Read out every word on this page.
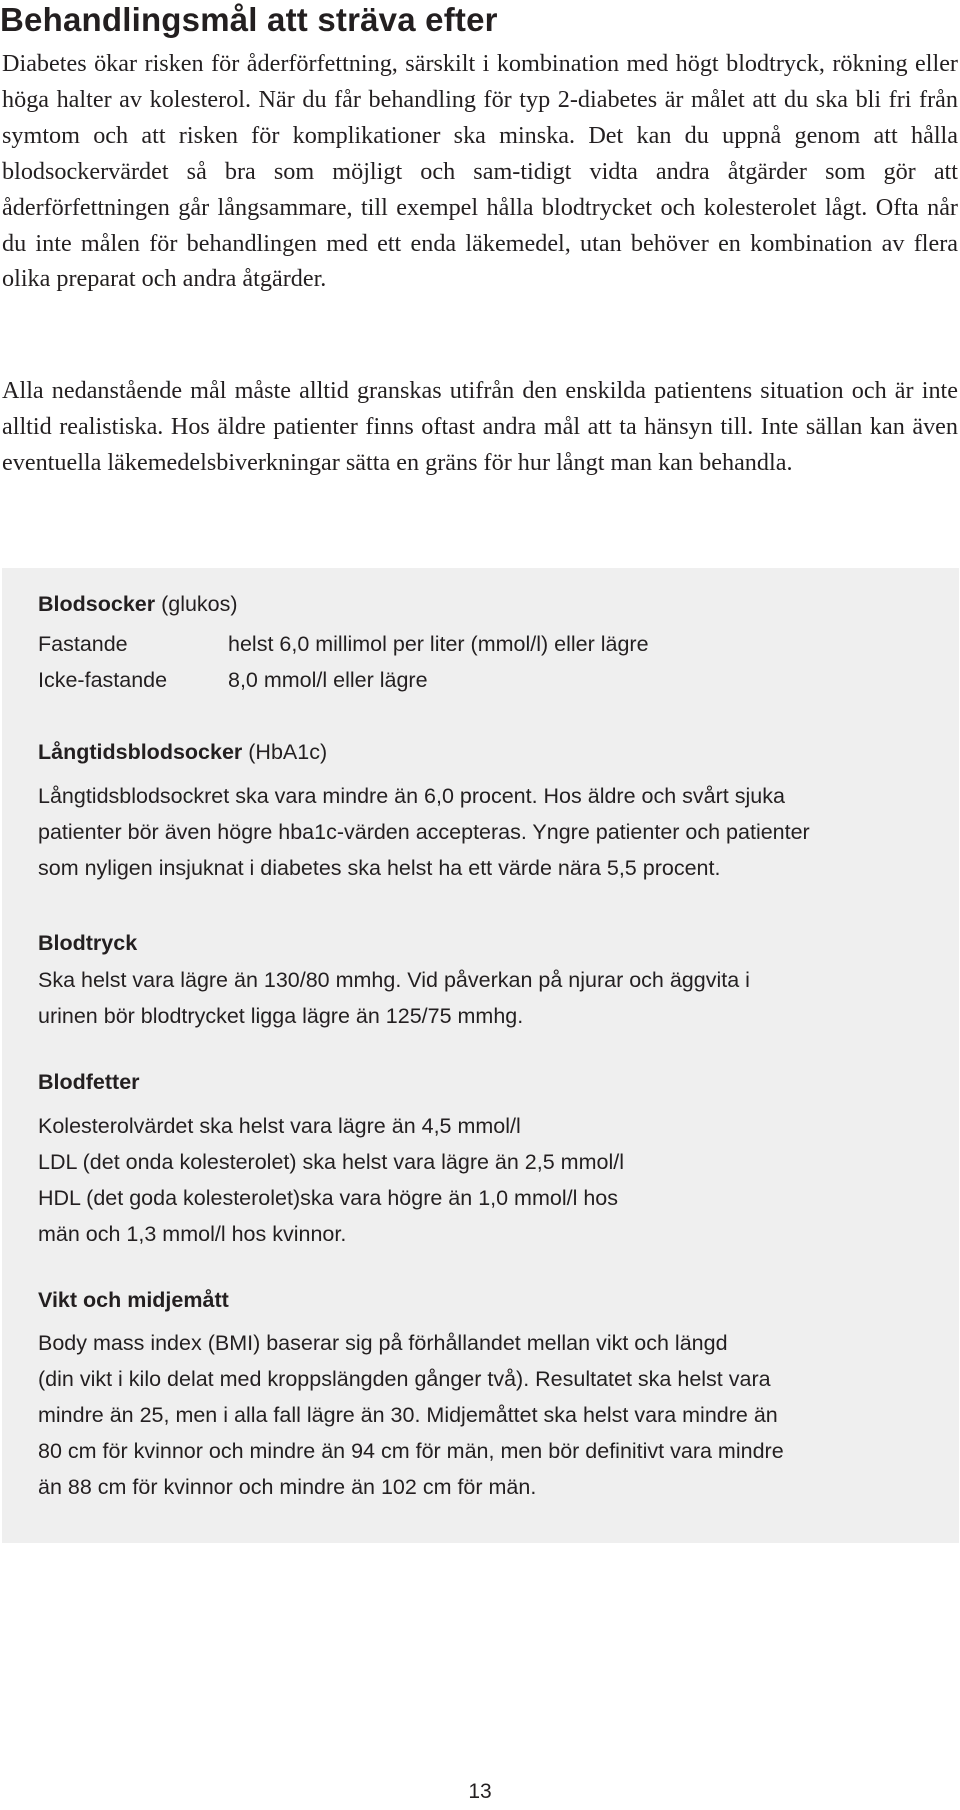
Behandlingsmål att sträva efter

Diabetes ökar risken för åderförfettning, särskilt i kombination med högt blodtryck, rökning eller höga halter av kolesterol. När du får behandling för typ 2-diabetes är målet att du ska bli fri från symtom och att risken för komplikationer ska minska. Det kan du uppnå genom att hålla blodsockervärdet så bra som möjligt och sam-tidigt vidta andra åtgärder som gör att åderförfettningen går långsammare, till exempel hålla blodtrycket och kolesterolet lågt. Ofta når du inte målen för behandlingen med ett enda läkemedel, utan behöver en kombination av flera olika preparat och andra åtgärder.

Alla nedanstående mål måste alltid granskas utifrån den enskilda patientens situation och är inte alltid realistiska. Hos äldre patienter finns oftast andra mål att ta hänsyn till. Inte sällan kan även eventuella läkemedelsbiverkningar sätta en gräns för hur långt man kan behandla.

Blodsocker (glukos)
Fastande	helst 6,0 millimol per liter (mmol/l) eller lägre
Icke-fastande	8,0 mmol/l eller lägre
Långtidsblodsocker (HbA1c)

Långtidsblodsockret ska vara mindre än 6,0 procent. Hos äldre och svårt sjuka
patienter bör även högre hba1c-värden accepteras. Yngre patienter och patienter
som nyligen insjuknat i diabetes ska helst ha ett värde nära 5,5 procent.

Blodtryck

Ska helst vara lägre än 130/80 mmhg. Vid påverkan på njurar och äggvita i
urinen bör blodtrycket ligga lägre än 125/75 mmhg.

Blodfetter

Kolesterolvärdet ska helst vara lägre än 4,5 mmol/l
LDL (det onda kolesterolet) ska helst vara lägre än 2,5 mmol/l
HDL (det goda kolesterolet)ska vara högre än 1,0 mmol/l hos
män och 1,3 mmol/l hos kvinnor.

Vikt och midjemått

Body mass index (BMI) baserar sig på förhållandet mellan vikt och längd
(din vikt i kilo delat med kroppslängden gånger två). Resultatet ska helst vara
mindre än 25, men i alla fall lägre än 30. Midjemåttet ska helst vara mindre än
80 cm för kvinnor och mindre än 94 cm för män, men bör definitivt vara mindre
än 88 cm för kvinnor och mindre än 102 cm för män.

13
